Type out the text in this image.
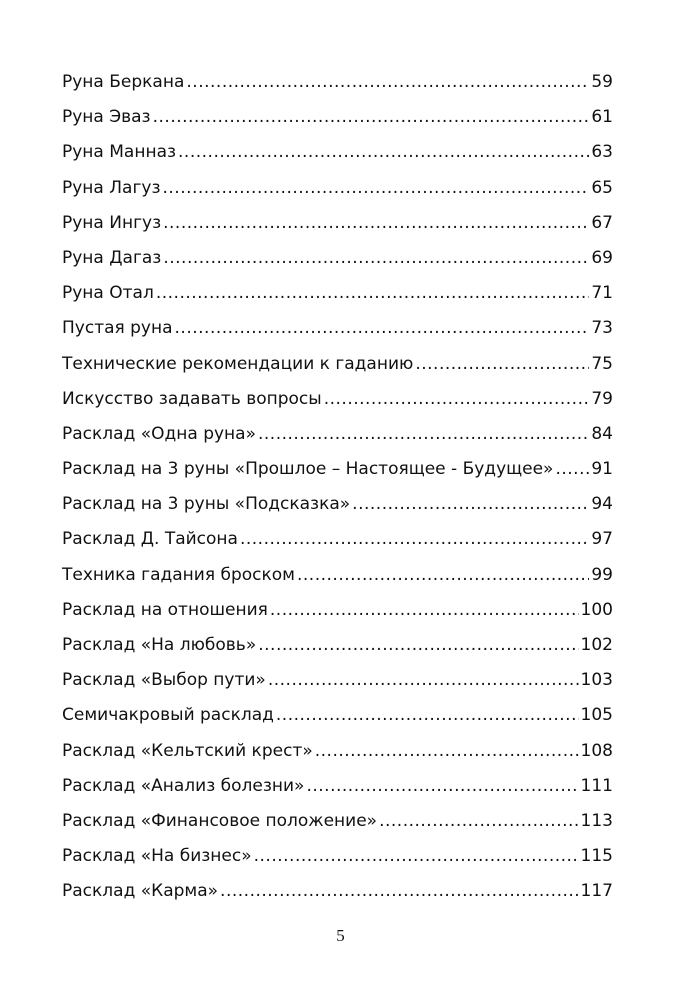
Руна Беркана .....	59
Руна Эваз .....	61
Руна Манназ .....	63
Руна Лагуз .....	65
Руна Ингуз .....	67
Руна Дагаз .....	69
Руна Отал .....	71
Пустая руна .....	73
Технические рекомендации к гаданию .....	75
Искусство задавать вопросы .....	79
Расклад «Одна руна» .....	84
Расклад на 3 руны «Прошлое – Настоящее - Будущее» ..... 91
Расклад на 3 руны «Подсказка» .....	94
Расклад Д. Тайсона .....	97
Техника гадания броском .....	99
Расклад на отношения .....	100
Расклад «На любовь» .....	102
Расклад «Выбор пути» .....	103
Семичакровый расклад .....	105
Расклад «Кельтский крест» .....	108
Расклад «Анализ болезни» .....	111
Расклад «Финансовое положение» .....	113
Расклад «На бизнес» .....	115
Расклад «Карма» .....	117
5
